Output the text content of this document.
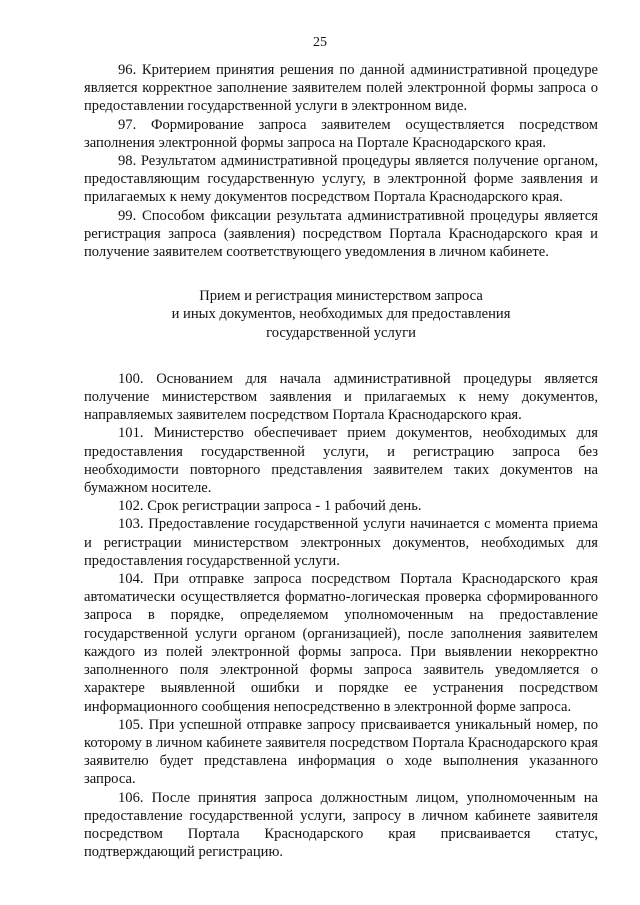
25

96. Критерием принятия решения по данной административной процедуре является корректное заполнение заявителем полей электронной формы запроса о предоставлении государственной услуги в электронном виде.

97. Формирование запроса заявителем осуществляется посредством заполнения электронной формы запроса на Портале Краснодарского края.

98. Результатом административной процедуры является получение органом, предоставляющим государственную услугу, в электронной форме заявления и прилагаемых к нему документов посредством Портала Краснодарского края.

99. Способом фиксации результата административной процедуры является регистрация запроса (заявления) посредством Портала Краснодарского края и получение заявителем соответствующего уведомления в личном кабинете.

Прием и регистрация министерством запроса
и иных документов, необходимых для предоставления
государственной услуги

100. Основанием для начала административной процедуры является получение министерством заявления и прилагаемых к нему документов, направляемых заявителем посредством Портала Краснодарского края.

101. Министерство обеспечивает прием документов, необходимых для предоставления государственной услуги, и регистрацию запроса без необходимости повторного представления заявителем таких документов на бумажном носителе.

102. Срок регистрации запроса - 1 рабочий день.

103. Предоставление государственной услуги начинается с момента приема и регистрации министерством электронных документов, необходимых для предоставления государственной услуги.

104. При отправке запроса посредством Портала Краснодарского края автоматически осуществляется форматно-логическая проверка сформированного запроса в порядке, определяемом уполномоченным на предоставление государственной услуги органом (организацией), после заполнения заявителем каждого из полей электронной формы запроса. При выявлении некорректно заполненного поля электронной формы запроса заявитель уведомляется о характере выявленной ошибки и порядке ее устранения посредством информационного сообщения непосредственно в электронной форме запроса.

105. При успешной отправке запросу присваивается уникальный номер, по которому в личном кабинете заявителя посредством Портала Краснодарского края заявителю будет представлена информация о ходе выполнения указанного запроса.

106. После принятия запроса должностным лицом, уполномоченным на предоставление государственной услуги, запросу в личном кабинете заявителя посредством Портала Краснодарского края присваивается статус, подтверждающий регистрацию.
